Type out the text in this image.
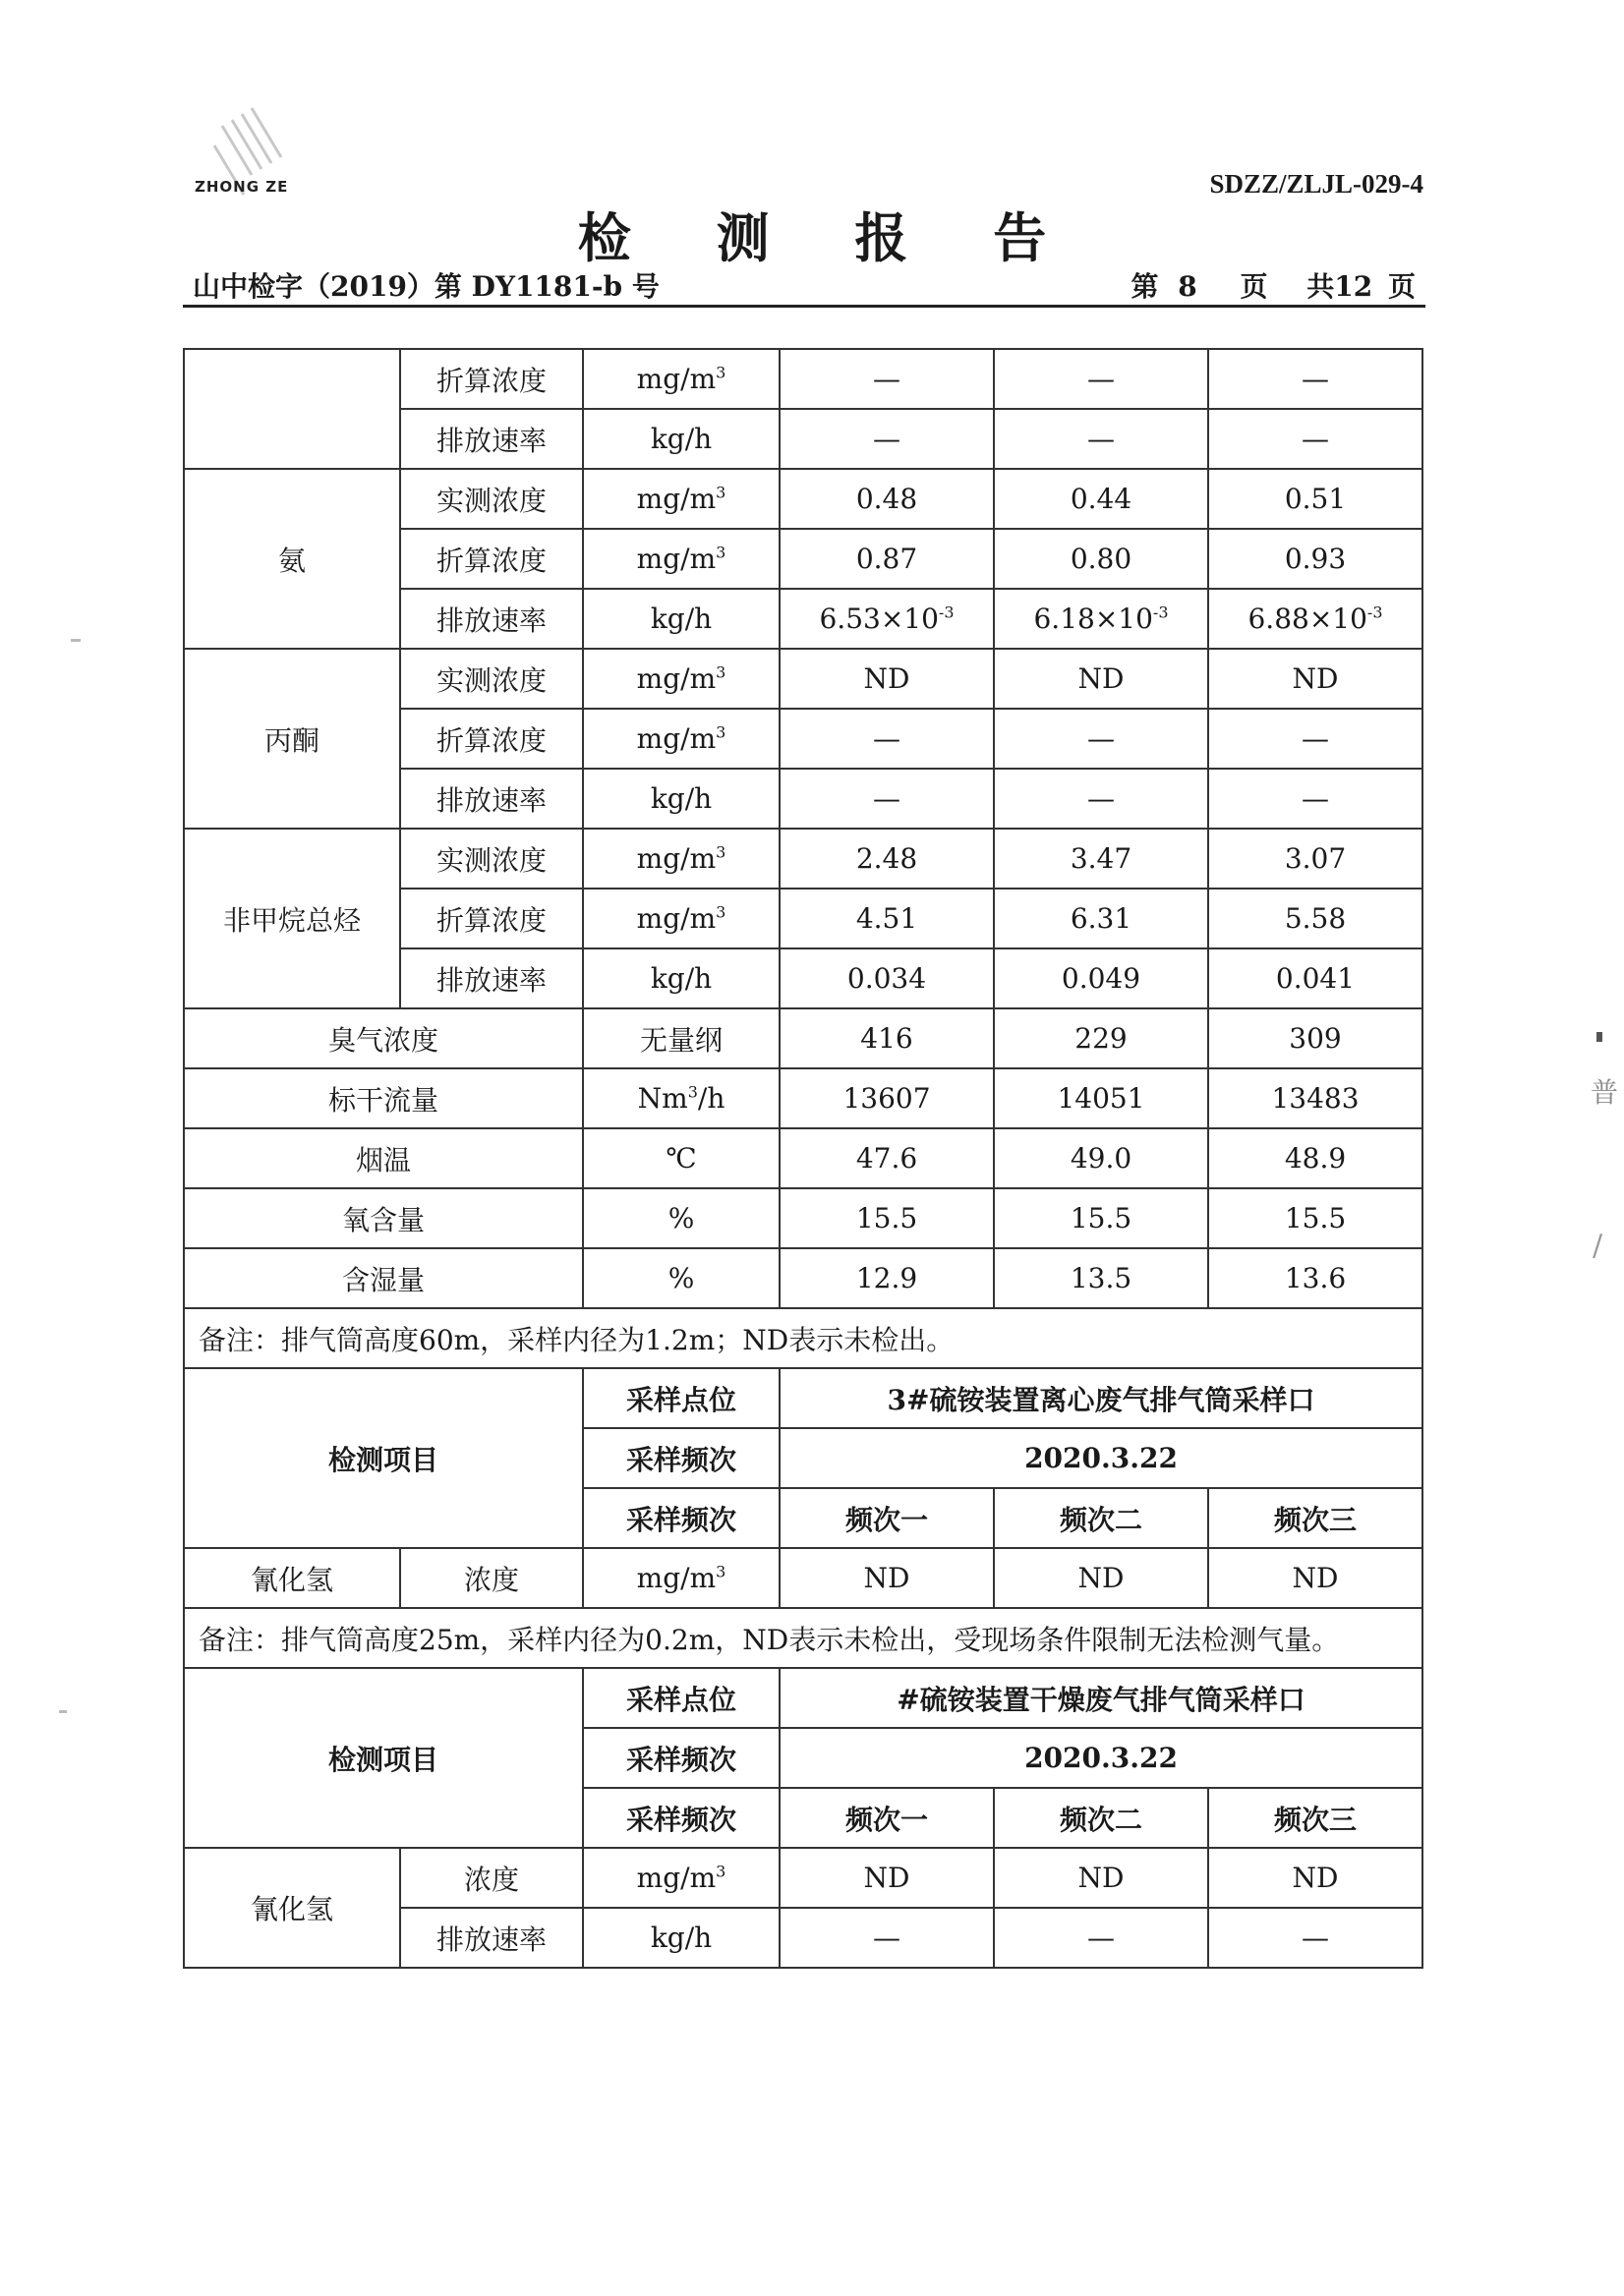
ZHONG ZE	SDZZ/ZLJL-029-4
检 测 报 告
山中检字（2019）第 DY1181-b 号	第 8 页 共12 页
普
/
	折算浓度	$mg/m^3$	—	—	—
	排放速率	kg/h	—	—	—
氨	实测浓度	$mg/m^3$	0.48	0.44	0.51
	折算浓度	$mg/m^3$	0.87	0.80	0.93
	排放速率	kg/h	$6.53\times 10^{-3}$	$6.18\times 10^{-3}$	$6.88\times 10^{-3}$
丙酮	实测浓度	$mg/m^3$	ND	ND	ND
	折算浓度	$mg/m^3$	—	—	—
	排放速率	kg/h	—	—	—
非甲烷总烃	实测浓度	$mg/m^3$	2.48	3.47	3.07
	折算浓度	$mg/m^3$	4.51	6.31	5.58
	排放速率	kg/h	0.034	0.049	0.041
臭气浓度		无量纲	416	229	309
标干流量		Nm$^3$/h	13607	14051	13483
烟温		℃	47.6	49.0	48.9
氧含量		%	15.5	15.5	15.5
含湿量		%	12.9	13.5	13.6
备注：排气筒高度60m，采样内径为1.2m；ND表示未检出。					
检测项目		采样点位	3#硫铵装置离心废气排气筒采样口		
		采样频次	2020.3.22		
		采样频次	频次一	频次二	频次三
氰化氢	浓度	$mg/m^3$	ND	ND	ND
备注：排气筒高度25m，采样内径为0.2m，ND表示未检出，受现场条件限制无法检测气量。					
检测项目		采样点位	#硫铵装置干燥废气排气筒采样口		
		采样频次	2020.3.22		
		采样频次	频次一	频次二	频次三
氰化氢	浓度	$mg/m^3$	ND	ND	ND
	排放速率	kg/h	—	—	—
